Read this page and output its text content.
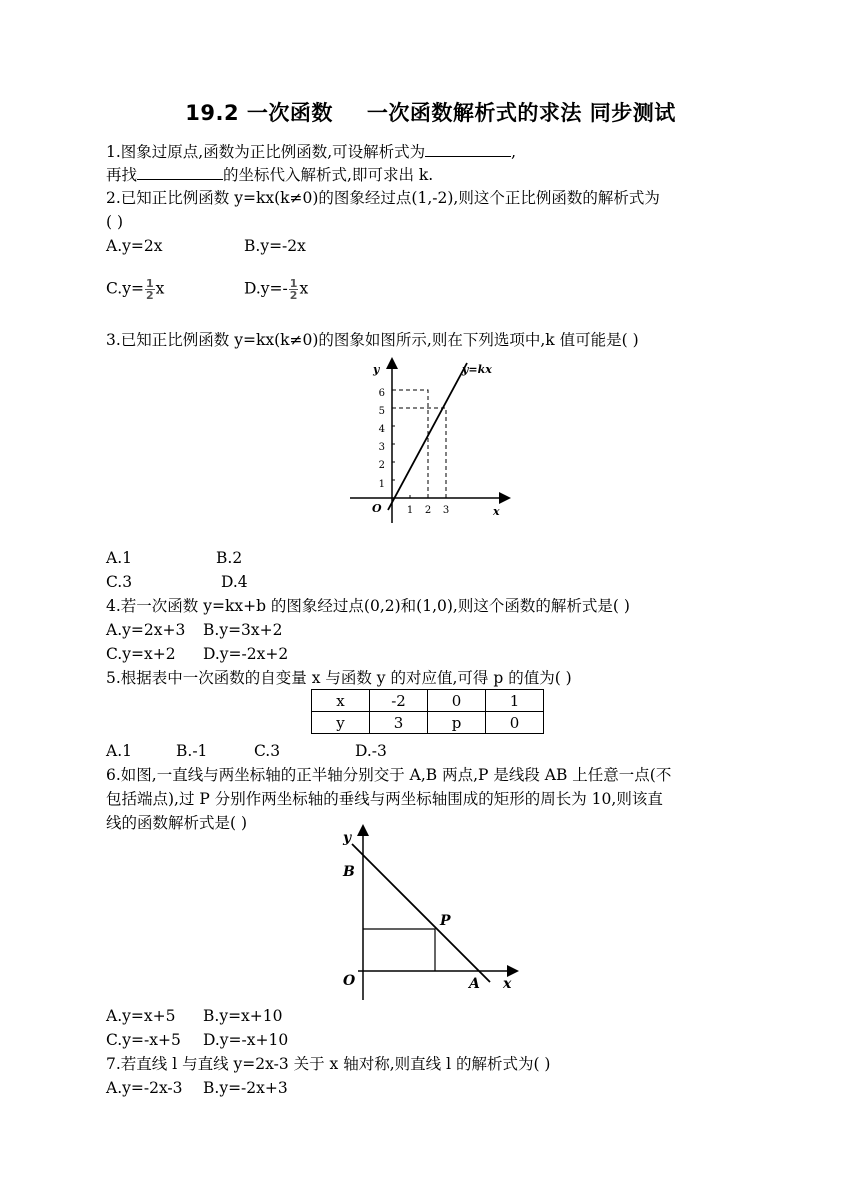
19.2 一次函数 一次函数解析式的求法 同步测试
1.图象过原点,函数为正比例函数,可设解析式为	,
再找	的坐标代入解析式,即可求出 k.
2.已知正比例函数 y=kx(k≠0)的图象经过点(1,-2),则这个正比例函数的解析式为
( )
A.y=2x	B.y=-2x
$C.y= \frac{1}{2}$ x	$D.y=- \frac{1}{2}$ x
3.已知正比例函数 y=kx(k≠0)的图象如图所示,则在下列选项中,k 值可能是( )
y
x
O
y=kx
1
2
3
4
5
6
1 2 3
A.1	B.2
C.3	D.4
4.若一次函数 y=kx+b 的图象经过点(0,2)和(1,0),则这个函数的解析式是( )
A.y=2x+3 B.y=3x+2
C.y=x+2 D.y=-2x+2
5.根据表中一次函数的自变量 x 与函数 y 的对应值,可得 p 的值为( )
x	-2	0	1
y	3	p	0
A.1	B.-1	C.3	D.-3
6.如图,一直线与两坐标轴的正半轴分别交于 A,B 两点,P 是线段 AB 上任意一点(不
包括端点),过 P 分别作两坐标轴的垂线与两坐标轴围成的矩形的周长为 10,则该直
线的函数解析式是( )
y
x
O
B
P
A
A.y=x+5 B.y=x+10
C.y=-x+5 D.y=-x+10
7.若直线 l 与直线 y=2x-3 关于 x 轴对称,则直线 l 的解析式为( )
A.y=-2x-3 B.y=-2x+3
